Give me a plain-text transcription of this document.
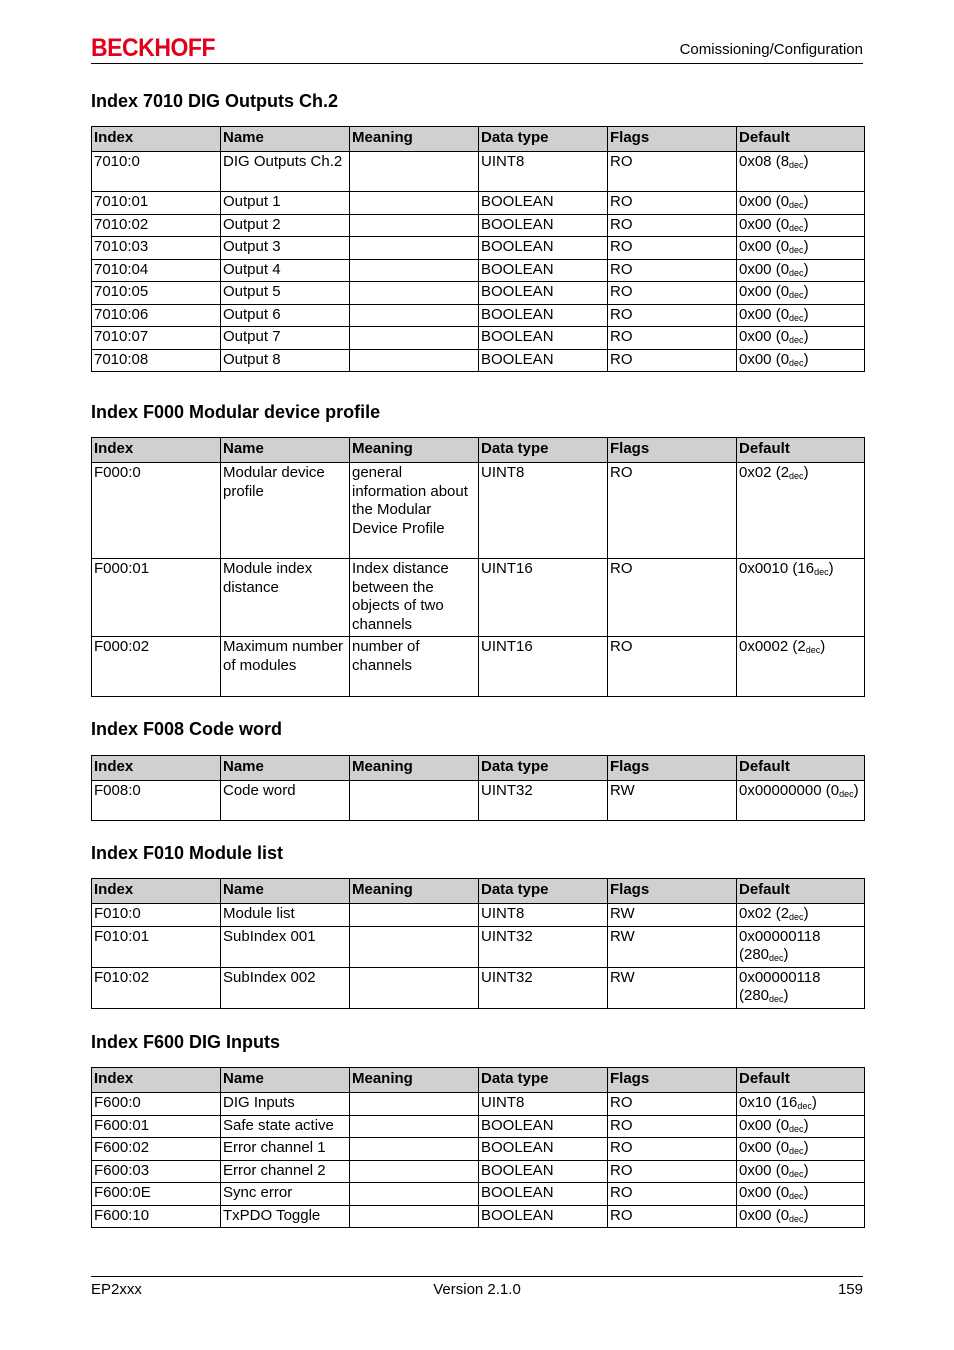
BECKHOFF	Comissioning/Configuration
Index 7010 DIG Outputs Ch.2
Index	Name	Meaning	Data type	Flags	Default
7010:0	DIG Outputs Ch.2		UINT8	RO	0x08 $(8_{dec})$
7010:01	Output 1		BOOLEAN	RO	0x00 $(0_{dec})$
7010:02	Output 2		BOOLEAN	RO	0x00 $(0_{dec})$
7010:03	Output 3		BOOLEAN	RO	0x00 $(0_{dec})$
7010:04	Output 4		BOOLEAN	RO	0x00 $(0_{dec})$
7010:05	Output 5		BOOLEAN	RO	0x00 $(0_{dec})$
7010:06	Output 6		BOOLEAN	RO	0x00 $(0_{dec})$
7010:07	Output 7		BOOLEAN	RO	0x00 $(0_{dec})$
7010:08	Output 8		BOOLEAN	RO	0x00 $(0_{dec})$
Index F000 Modular device profile
Index	Name	Meaning	Data type	Flags	Default
F000:0	Modular device profile	general information about the Modular Device Profile	UINT8	RO	0x02 $(2_{dec})$
F000:01	Module index distance	Index distance between the objects of two channels	UINT16	RO	0x0010 $(16_{dec})$
F000:02	Maximum number of modules	number of channels	UINT16	RO	0x0002 $(2_{dec})$
Index F008 Code word
Index	Name	Meaning	Data type	Flags	Default
F008:0	Code word		UINT32	RW	0x00000000 $(0_{dec})$
Index F010 Module list
Index	Name	Meaning	Data type	Flags	Default
F010:0	Module list		UINT8	RW	0x02 $(2_{dec})$
F010:01	SubIndex 001		UINT32	RW	0x00000118 $(280_{dec})$
F010:02	SubIndex 002		UINT32	RW	0x00000118 $(280_{dec})$
Index F600 DIG Inputs
Index	Name	Meaning	Data type	Flags	Default
F600:0	DIG Inputs		UINT8	RO	0x10 $(16_{dec})$
F600:01	Safe state active		BOOLEAN	RO	0x00 $(0_{dec})$
F600:02	Error channel 1		BOOLEAN	RO	0x00 $(0_{dec})$
F600:03	Error channel 2		BOOLEAN	RO	0x00 $(0_{dec})$
F600:0E	Sync error		BOOLEAN	RO	0x00 $(0_{dec})$
F600:10	TxPDO Toggle		BOOLEAN	RO	0x00 $(0_{dec})$
EP2xxx	Version 2.1.0	159
